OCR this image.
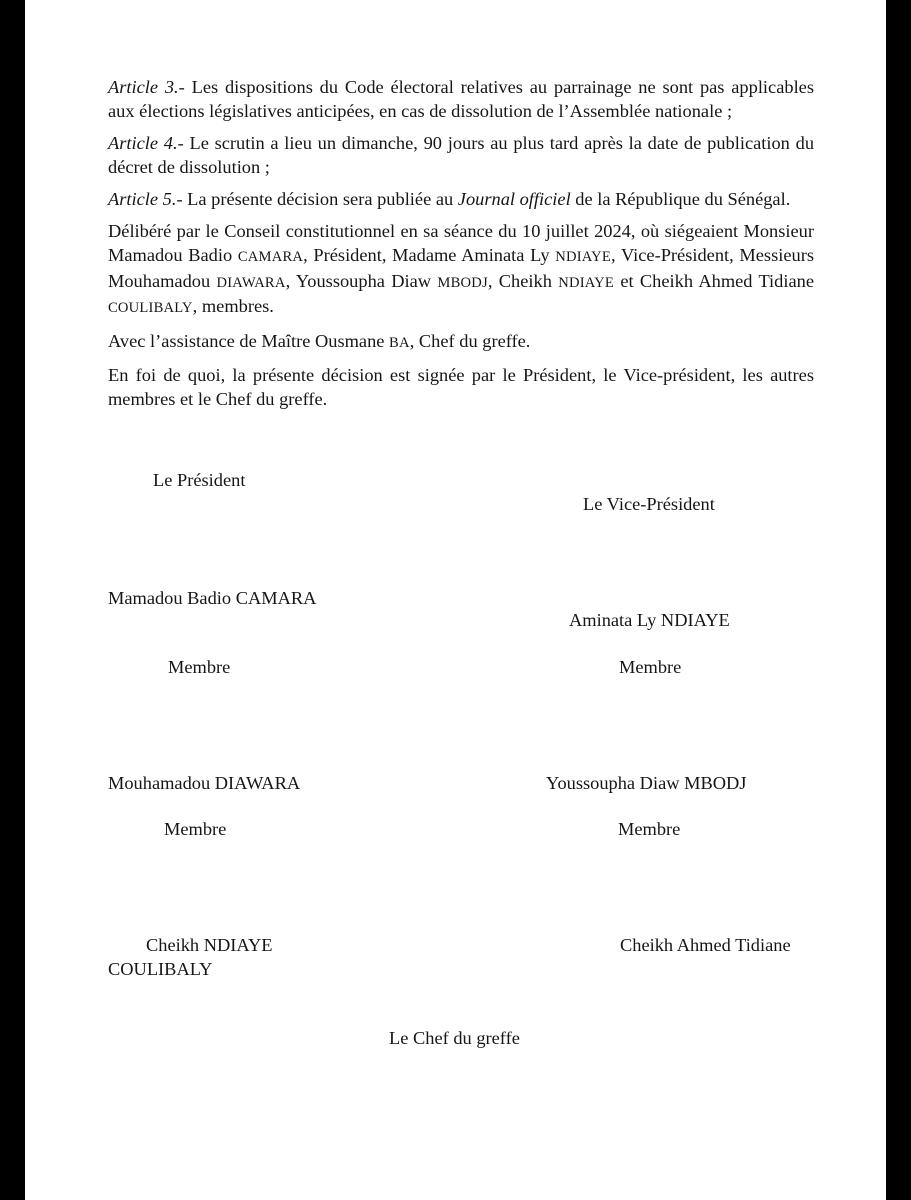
Article 3.- Les dispositions du Code électoral relatives au parrainage ne sont pas applicables aux élections législatives anticipées, en cas de dissolution de l’Assemblée nationale ;

Article 4.- Le scrutin a lieu un dimanche, 90 jours au plus tard après la date de publication du décret de dissolution ;

Article 5.- La présente décision sera publiée au Journal officiel de la République du Sénégal.

Délibéré par le Conseil constitutionnel en sa séance du 10 juillet 2024, où siégeaient Monsieur Mamadou Badio CAMARA, Président, Madame Aminata Ly NDIAYE, Vice-Président, Messieurs Mouhamadou DIAWARA, Youssoupha Diaw MBODJ, Cheikh NDIAYE et Cheikh Ahmed Tidiane COULIBALY, membres.

Avec l’assistance de Maître Ousmane BA, Chef du greffe.

En foi de quoi, la présente décision est signée par le Président, le Vice-président, les autres membres et le Chef du greffe.

Le Président
Le Vice-Président
Mamadou Badio CAMARA
Aminata Ly NDIAYE
Membre	Membre
Mouhamadou DIAWARA	Youssoupha Diaw MBODJ
Membre	Membre
Cheikh NDIAYE	Cheikh Ahmed Tidiane
COULIBALY
Le Chef du greffe
